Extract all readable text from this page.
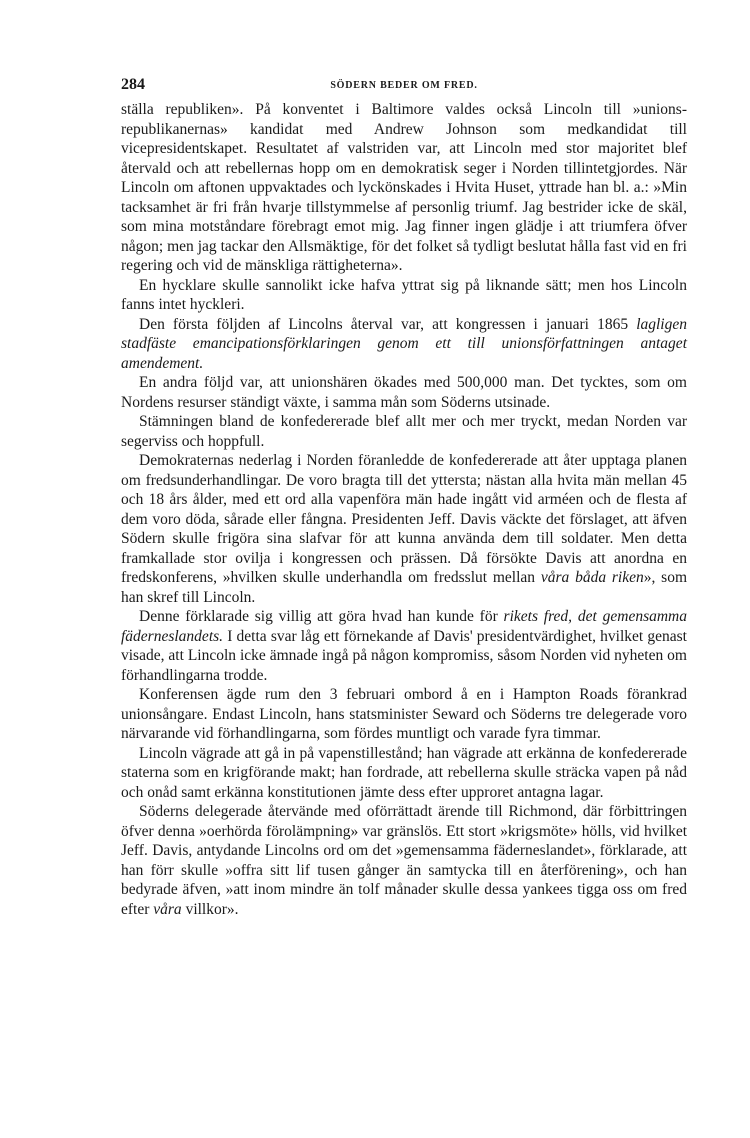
284	SÖDERN BEDER OM FRED.

ställa republiken». På konventet i Baltimore valdes också Lincoln till »unions-republikanernas» kandidat med Andrew Johnson som medkandidat till vicepresidentskapet. Resultatet af valstriden var, att Lincoln med stor majoritet blef återvald och att rebellernas hopp om en demokratisk seger i Norden tillintetgjordes. När Lincoln om aftonen uppvaktades och lyckönskades i Hvita Huset, yttrade han bl. a.: »Min tacksamhet är fri från hvarje tillstymmelse af personlig triumf. Jag bestrider icke de skäl, som mina motståndare förebragt emot mig. Jag finner ingen glädje i att triumfera öfver någon; men jag tackar den Allsmäktige, för det folket så tydligt beslutat hålla fast vid en fri regering och vid de mänskliga rättigheterna».

En hycklare skulle sannolikt icke hafva yttrat sig på liknande sätt; men hos Lincoln fanns intet hyckleri.

Den första följden af Lincolns återval var, att kongressen i januari 1865 lagligen stadfäste emancipationsförklaringen genom ett till unionsförfattningen antaget amendement.

En andra följd var, att unionshären ökades med 500,000 man. Det tycktes, som om Nordens resurser ständigt växte, i samma mån som Söderns utsinade.

Stämningen bland de konfedererade blef allt mer och mer tryckt, medan Norden var segerviss och hoppfull.

Demokraternas nederlag i Norden föranledde de konfedererade att åter upptaga planen om fredsunderhandlingar. De voro bragta till det yttersta; nästan alla hvita män mellan 45 och 18 års ålder, med ett ord alla vapenföra män hade ingått vid arméen och de flesta af dem voro döda, sårade eller fångna. Presidenten Jeff. Davis väckte det förslaget, att äfven Södern skulle frigöra sina slafvar för att kunna använda dem till soldater. Men detta framkallade stor ovilja i kongressen och prässen. Då försökte Davis att anordna en fredskonferens, »hvilken skulle underhandla om fredsslut mellan våra båda riken», som han skref till Lincoln.

Denne förklarade sig villig att göra hvad han kunde för rikets fred, det gemensamma fäderneslandets. I detta svar låg ett förnekande af Davis' presidentvärdighet, hvilket genast visade, att Lincoln icke ämnade ingå på någon kompromiss, såsom Norden vid nyheten om förhandlingarna trodde.

Konferensen ägde rum den 3 februari ombord å en i Hampton Roads förankrad unionsångare. Endast Lincoln, hans statsminister Seward och Söderns tre delegerade voro närvarande vid förhandlingarna, som fördes muntligt och varade fyra timmar.

Lincoln vägrade att gå in på vapenstillestånd; han vägrade att erkänna de konfedererade staterna som en krigförande makt; han fordrade, att rebellerna skulle sträcka vapen på nåd och onåd samt erkänna konstitutionen jämte dess efter upproret antagna lagar.

Söderns delegerade återvände med oförrättadt ärende till Richmond, där förbittringen öfver denna »oerhörda förolämpning» var gränslös. Ett stort »krigsmöte» hölls, vid hvilket Jeff. Davis, antydande Lincolns ord om det »gemensamma fäderneslandet», förklarade, att han förr skulle »offra sitt lif tusen gånger än samtycka till en återförening», och han bedyrade äfven, »att inom mindre än tolf månader skulle dessa yankees tigga oss om fred efter våra villkor».
